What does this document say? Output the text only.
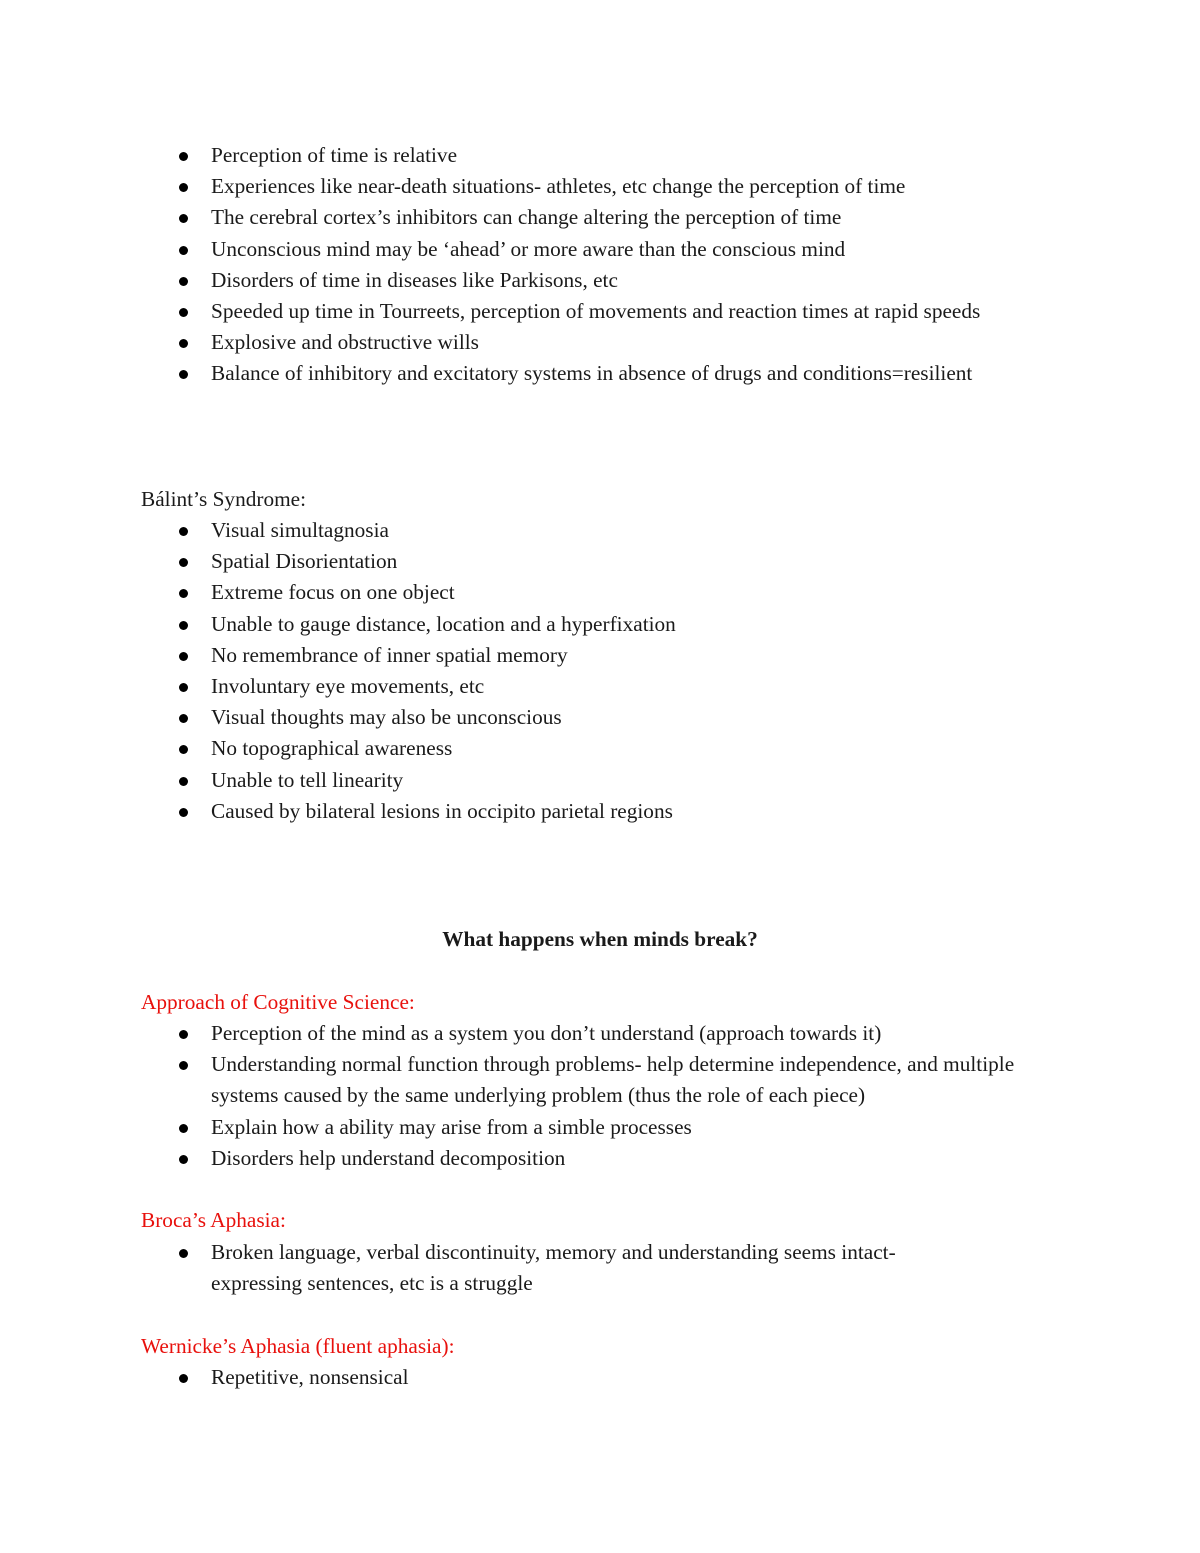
Perception of time is relative
Experiences like near-death situations- athletes, etc change the perception of time
The cerebral cortex’s inhibitors can change altering the perception of time
Unconscious mind may be ‘ahead’ or more aware than the conscious mind
Disorders of time in diseases like Parkisons, etc
Speeded up time in Tourreets, perception of movements and reaction times at rapid speeds
Explosive and obstructive wills
Balance of inhibitory and excitatory systems in absence of drugs and conditions=resilient
Bálint’s Syndrome:
Visual simultagnosia
Spatial Disorientation
Extreme focus on one object
Unable to gauge distance, location and a hyperfixation
No remembrance of inner spatial memory
Involuntary eye movements, etc
Visual thoughts may also be unconscious
No topographical awareness
Unable to tell linearity
Caused by bilateral lesions in occipito parietal regions
What happens when minds break?
Approach of Cognitive Science:
Perception of the mind as a system you don’t understand (approach towards it)
Understanding normal function through problems- help determine independence, and multiple systems caused by the same underlying problem (thus the role of each piece)
Explain how a ability may arise from a simble processes
Disorders help understand decomposition
Broca’s Aphasia:
Broken language, verbal discontinuity, memory and understanding seems intact- expressing sentences, etc is a struggle
Wernicke’s Aphasia (fluent aphasia):
Repetitive, nonsensical
